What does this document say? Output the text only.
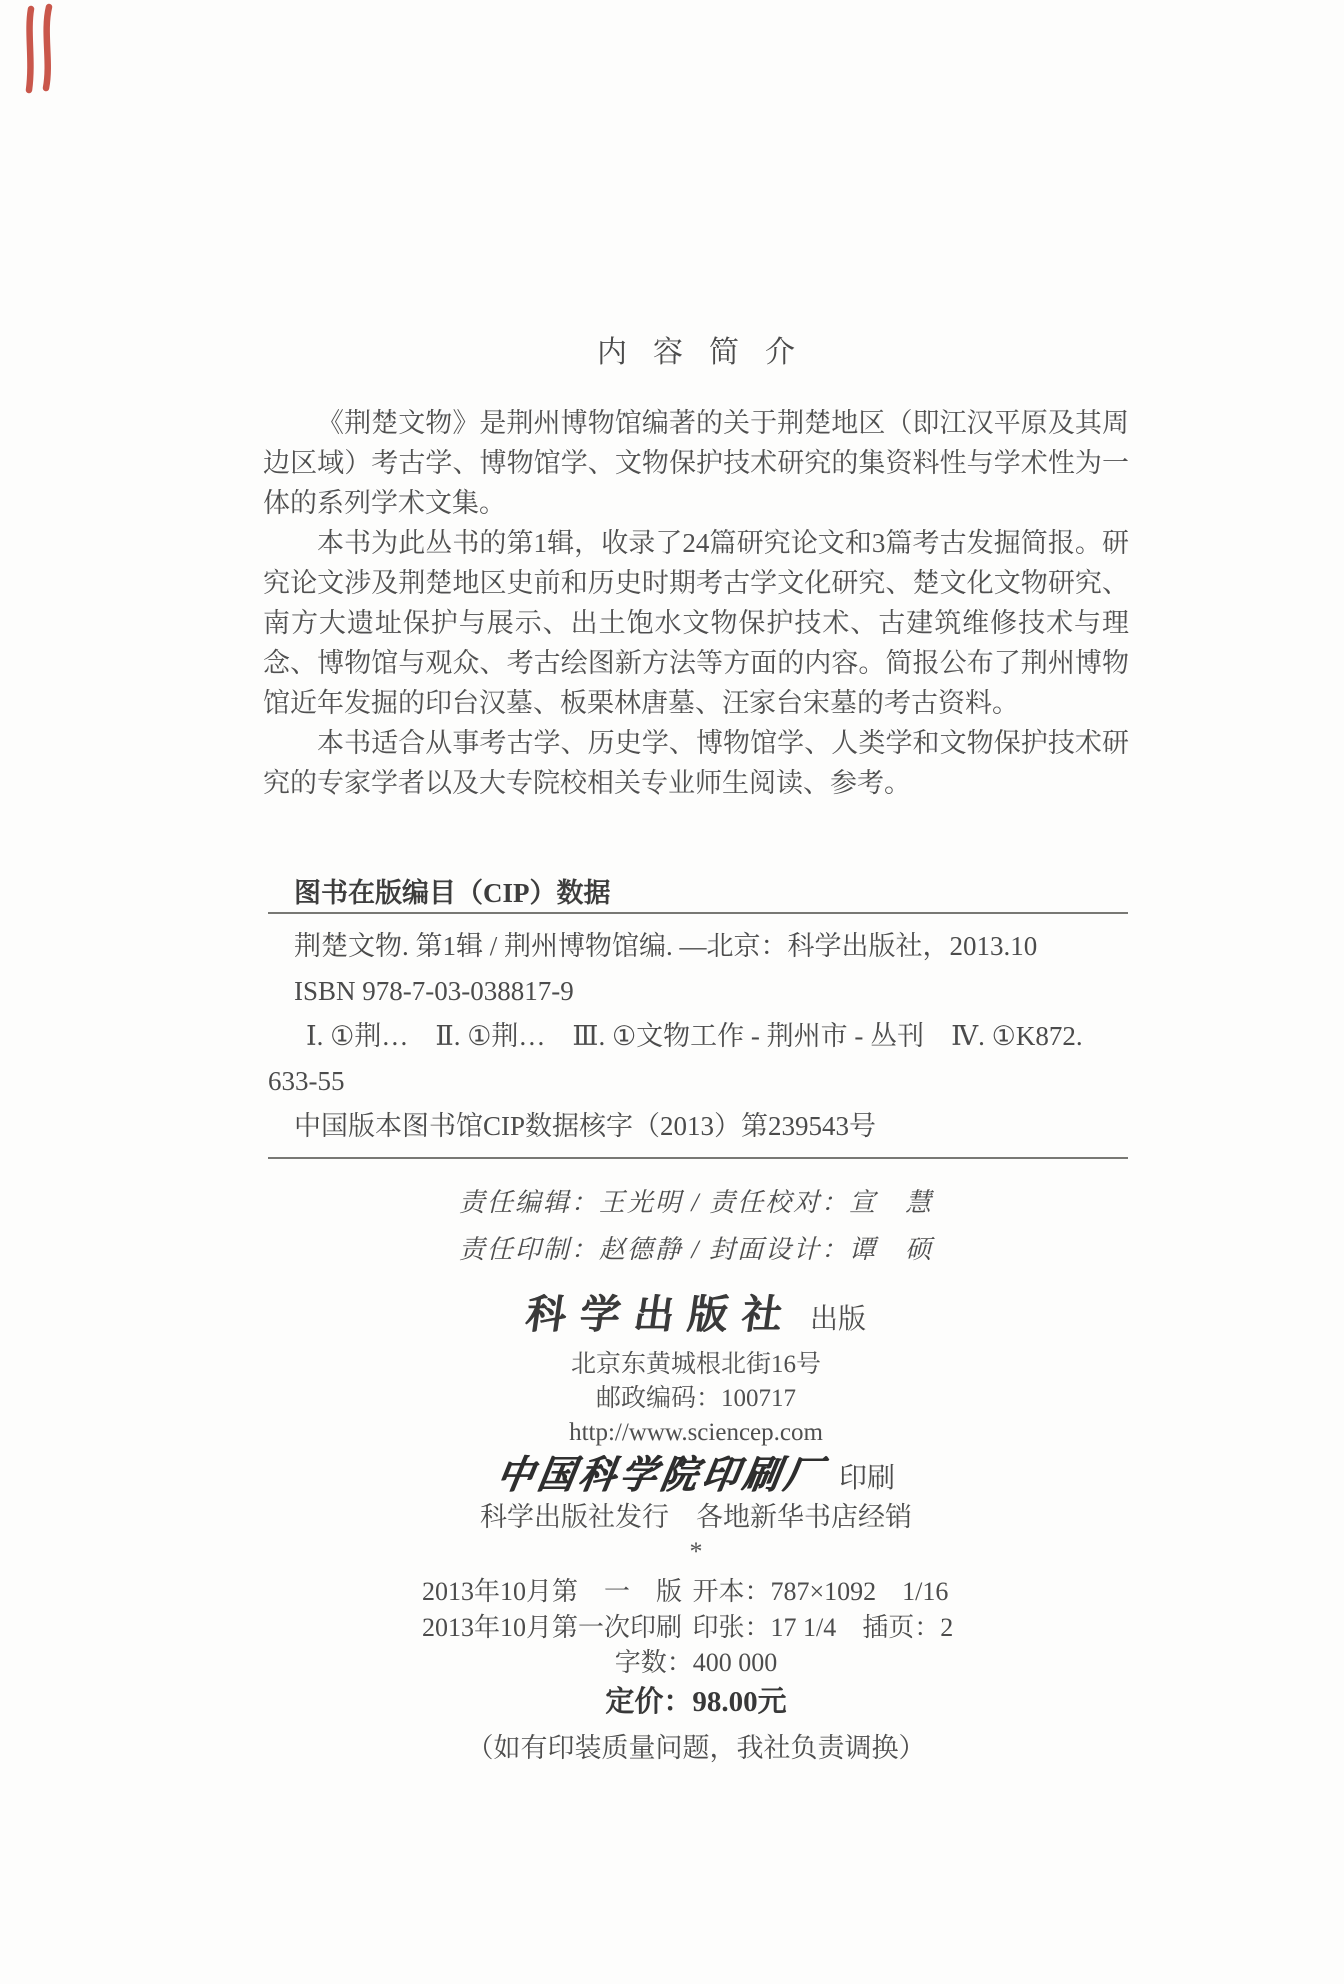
内容简介

《荆楚文物》是荆州博物馆编著的关于荆楚地区（即江汉平原及其周边区域）考古学、博物馆学、文物保护技术研究的集资料性与学术性为一体的系列学术文集。

本书为此丛书的第1辑，收录了24篇研究论文和3篇考古发掘简报。研究论文涉及荆楚地区史前和历史时期考古学文化研究、楚文化文物研究、南方大遗址保护与展示、出土饱水文物保护技术、古建筑维修技术与理念、博物馆与观众、考古绘图新方法等方面的内容。简报公布了荆州博物馆近年发掘的印台汉墓、板栗林唐墓、汪家台宋墓的考古资料。

本书适合从事考古学、历史学、博物馆学、人类学和文物保护技术研究的专家学者以及大专院校相关专业师生阅读、参考。

图书在版编目（CIP）数据
荆楚文物. 第1辑 / 荆州博物馆编. —北京：科学出版社，2013.10
ISBN 978-7-03-038817-9
Ⅰ. ①荆…　Ⅱ. ①荆…　Ⅲ. ①文物工作 - 荆州市 - 丛刊　Ⅳ. ①K872.
633-55
中国版本图书馆CIP数据核字（2013）第239543号
责任编辑：王光明 / 责任校对：宣　慧
责任印制：赵德静 / 封面设计：谭　硕
科学出版社 出版
北京东黄城根北街16号
邮政编码：100717
http://www.sciencep.com
中国科学院印刷厂 印刷
科学出版社发行　各地新华书店经销
*
2013年10月第　一　版 开本：787×1092　1/16
2013年10月第一次印刷 印张：17 1/4　插页：2
字数：400 000
定价：98.00元
（如有印装质量问题，我社负责调换）
